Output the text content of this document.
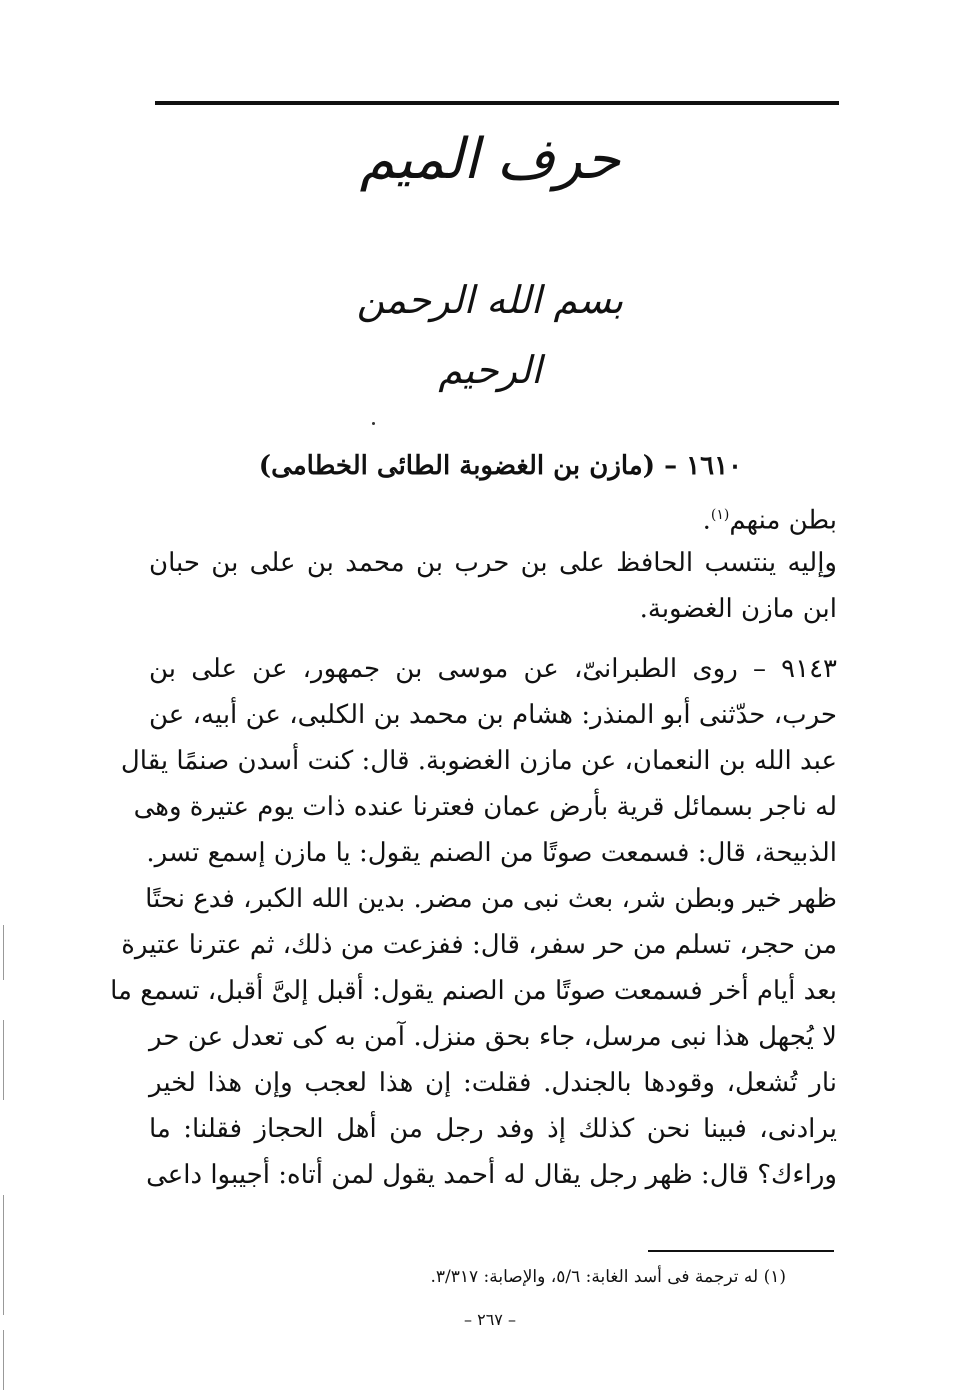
حرف الميم
بسم الله الرحمن الرحيم
١٦١٠ – (مازن بن الغضوبة الطائى الخطامى)
بطن منهم$^{(١)}$.
وإليه ينتسب الحافظ على بن حرب بن محمد بن على بن حبان
ابن مازن الغضوبة.
٩١٤٣ – روى الطبرانىّ، عن موسى بن جمهور، عن على بن
حرب، حدّثنى أبو المنذر: هشام بن محمد بن الكلبى، عن أبيه، عن
عبد الله بن النعمان، عن مازن الغضوبة. قال: كنت أسدن صنمًا يقال
له ناجر بسمائل قرية بأرض عمان فعترنا عنده ذات يوم عتيرة وهى
الذبيحة، قال: فسمعت صوتًا من الصنم يقول: يا مازن إسمع تسر.
ظهر خير وبطن شر، بعث نبى من مضر. بدين الله الكبر، فدع نحتًا
من حجر، تسلم من حر سفر، قال: ففزعت من ذلك، ثم عترنا عتيرة
بعد أيام أخر فسمعت صوتًا من الصنم يقول: أقبل إلىَّ أقبل، تسمع ما
لا يُجهل هذا نبى مرسل، جاء بحق منزل. آمن به كى تعدل عن حر
نار تُشعل، وقودها بالجندل. فقلت: إن هذا لعجب وإن هذا لخير
يرادنى، فبينا نحن كذلك إذ وفد رجل من أهل الحجاز فقلنا: ما
وراءك؟ قال: ظهر رجل يقال له أحمد يقول لمن أتاه: أجيبوا داعى
(١) له ترجمة فى أسد الغابة: ٥/٦، والإصابة: ٣/٣١٧.
– ٢٦٧ –
